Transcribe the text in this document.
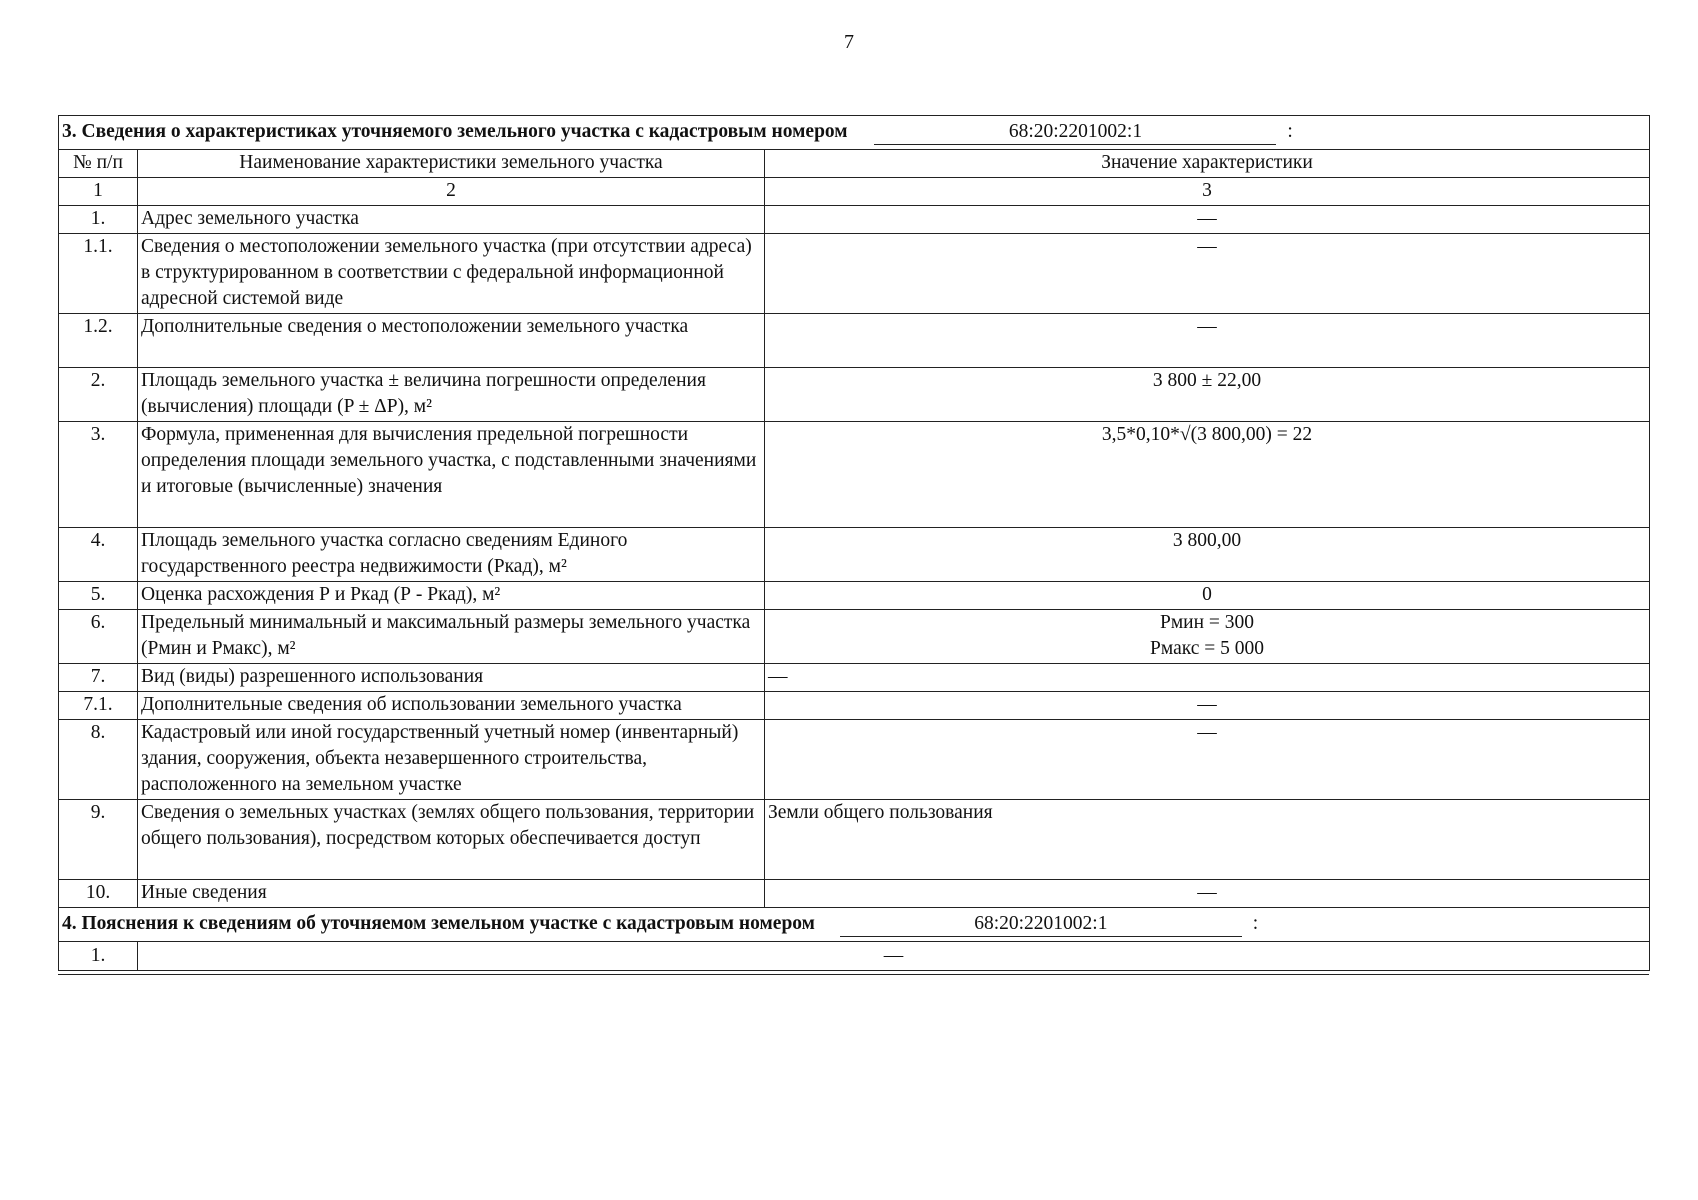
7
3. Сведения о характеристиках уточняемого земельного участка с кадастровым номером 68:20:2201002:1 :		
№ п/п	Наименование характеристики земельного участка	Значение характеристики
1	2	3
1.	Адрес земельного участка	—
1.1.	Сведения о местоположении земельного участка (при отсутствии адреса) в структурированном в соответствии с федеральной информационной адресной системой виде	—
1.2.	Дополнительные сведения о местоположении земельного участка	—
2.	Площадь земельного участка ± величина погрешности определения (вычисления) площади (P ± ΔP), м²	3 800 ± 22,00
3.	Формула, примененная для вычисления предельной погрешности определения площади земельного участка, с подставленными значениями и итоговые (вычисленные) значения	3,5*0,10*√(3 800,00) = 22
4.	Площадь земельного участка согласно сведениям Единого государственного реестра недвижимости (Ркад), м²	3 800,00
5.	Оценка расхождения Р и Ркад (Р - Ркад), м²	0
6.	Предельный минимальный и максимальный размеры земельного участка (Рмин и Рмакс), м²	Рмин = 300
Рмакс = 5 000

7.	Вид (виды) разрешенного использования	—
7.1.	Дополнительные сведения об использовании земельного участка	—
8.	Кадастровый или иной государственный учетный номер (инвентарный) здания, сооружения, объекта незавершенного строительства, расположенного на земельном участке	—
9.	Сведения о земельных участках (землях общего пользования, территории общего пользования), посредством которых обеспечивается доступ	Земли общего пользования
10.	Иные сведения	—
4. Пояснения к сведениям об уточняемом земельном участке с кадастровым номером 68:20:2201002:1 :		
1.	—	
